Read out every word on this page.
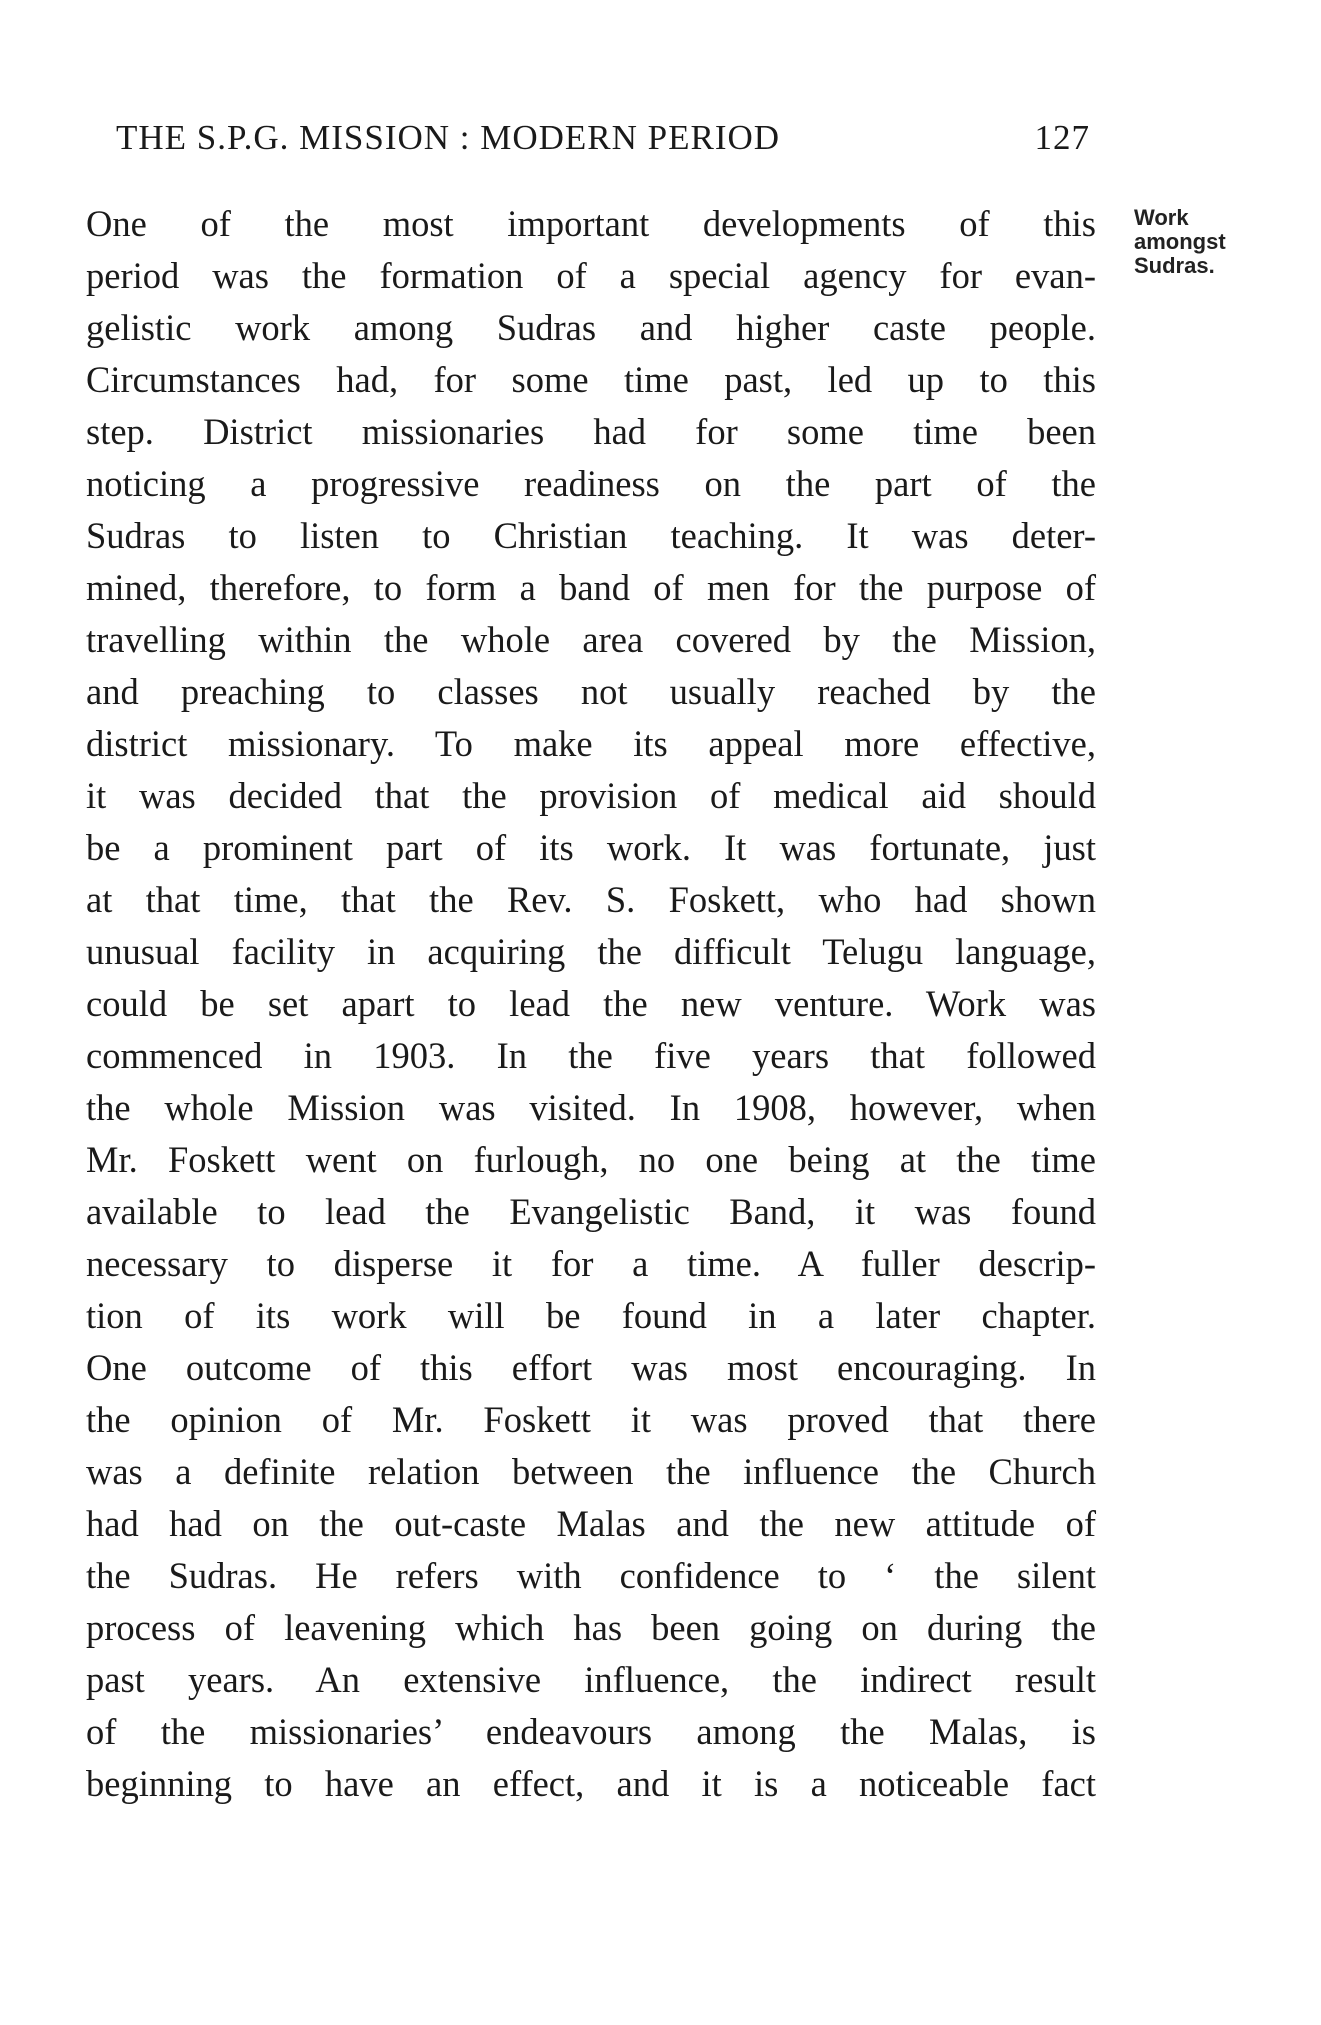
THE S.P.G. MISSION : MODERN PERIOD	127
Work
amongst
Sudras.
One of the most important developments of this
period was the formation of a special agency for evan-
gelistic work among Sudras and higher caste people.
Circumstances had, for some time past, led up to this
step. District missionaries had for some time been
noticing a progressive readiness on the part of the
Sudras to listen to Christian teaching. It was deter-
mined, therefore, to form a band of men for the purpose of
travelling within the whole area covered by the Mission,
and preaching to classes not usually reached by the
district missionary. To make its appeal more effective,
it was decided that the provision of medical aid should
be a prominent part of its work. It was fortunate, just
at that time, that the Rev. S. Foskett, who had shown
unusual facility in acquiring the difficult Telugu language,
could be set apart to lead the new venture. Work was
commenced in 1903. In the five years that followed
the whole Mission was visited. In 1908, however, when
Mr. Foskett went on furlough, no one being at the time
available to lead the Evangelistic Band, it was found
necessary to disperse it for a time. A fuller descrip-
tion of its work will be found in a later chapter.
One outcome of this effort was most encouraging. In
the opinion of Mr. Foskett it was proved that there
was a definite relation between the influence the Church
had had on the out-caste Malas and the new attitude of
the Sudras. He refers with confidence to ‘ the silent
process of leavening which has been going on during the
past years. An extensive influence, the indirect result
of the missionaries’ endeavours among the Malas, is
beginning to have an effect, and it is a noticeable fact
